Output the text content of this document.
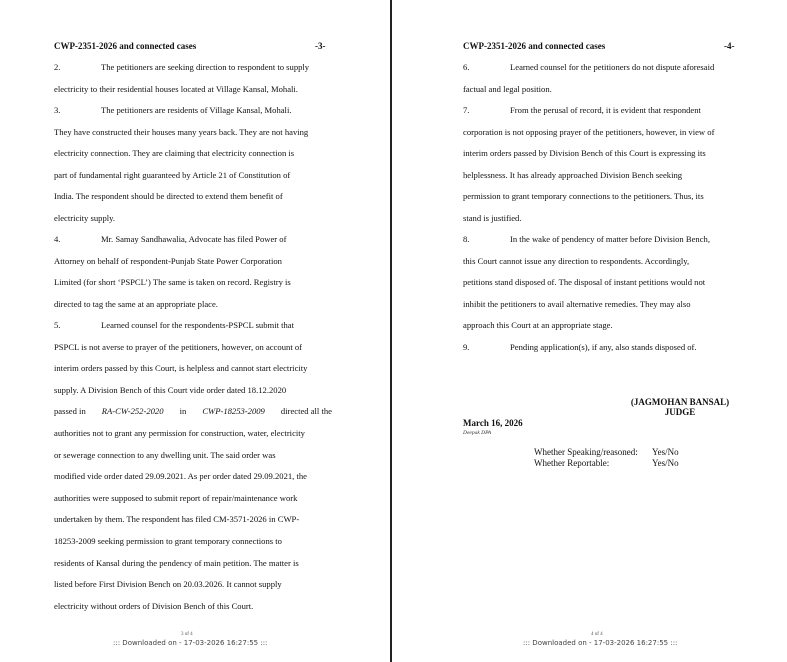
CWP-2351-2026 and connected cases	-3-
2.	The petitioners are seeking direction to respondent to supply
electricity to their residential houses located at Village Kansal, Mohali.
3.	The petitioners are residents of Village Kansal, Mohali.
They have constructed their houses many years back. They are not having
electricity connection. They are claiming that electricity connection is
part of fundamental right guaranteed by Article 21 of Constitution of
India. The respondent should be directed to extend them benefit of
electricity supply.
4.	Mr. Samay Sandhawalia, Advocate has filed Power of
Attorney on behalf of respondent-Punjab State Power Corporation
Limited (for short ‘PSPCL’) The same is taken on record. Registry is
directed to tag the same at an appropriate place.
5.	Learned counsel for the respondents-PSPCL submit that
PSPCL is not averse to prayer of the petitioners, however, on account of
interim orders passed by this Court, is helpless and cannot start electricity
supply. A Division Bench of this Court vide order dated 18.12.2020
passed in RA-CW-252-2020 in CWP-18253-2009 directed all the
authorities not to grant any permission for construction, water, electricity
or sewerage connection to any dwelling unit. The said order was
modified vide order dated 29.09.2021. As per order dated 29.09.2021, the
authorities were supposed to submit report of repair/maintenance work
undertaken by them. The respondent has filed CM-3571-2026 in CWP-
18253-2009 seeking permission to grant temporary connections to
residents of Kansal during the pendency of main petition. The matter is
listed before First Division Bench on 20.03.2026. It cannot supply
electricity without orders of Division Bench of this Court.
3 of 4
::: Downloaded on - 17-03-2026 16:27:55 :::
CWP-2351-2026 and connected cases	-4-
6.	Learned counsel for the petitioners do not dispute aforesaid
factual and legal position.
7.	From the perusal of record, it is evident that respondent
corporation is not opposing prayer of the petitioners, however, in view of
interim orders passed by Division Bench of this Court is expressing its
helplessness. It has already approached Division Bench seeking
permission to grant temporary connections to the petitioners. Thus, its
stand is justified.
8.	In the wake of pendency of matter before Division Bench,
this Court cannot issue any direction to respondents. Accordingly,
petitions stand disposed of. The disposal of instant petitions would not
inhibit the petitioners to avail alternative remedies. They may also
approach this Court at an appropriate stage.
9.	Pending application(s), if any, also stands disposed of.
(JAGMOHAN BANSAL)
JUDGE
March 16, 2026
Deepak DPA
Whether Speaking/reasoned: Yes/No
Whether Reportable:	Yes/No
4 of 4
::: Downloaded on - 17-03-2026 16:27:55 :::
